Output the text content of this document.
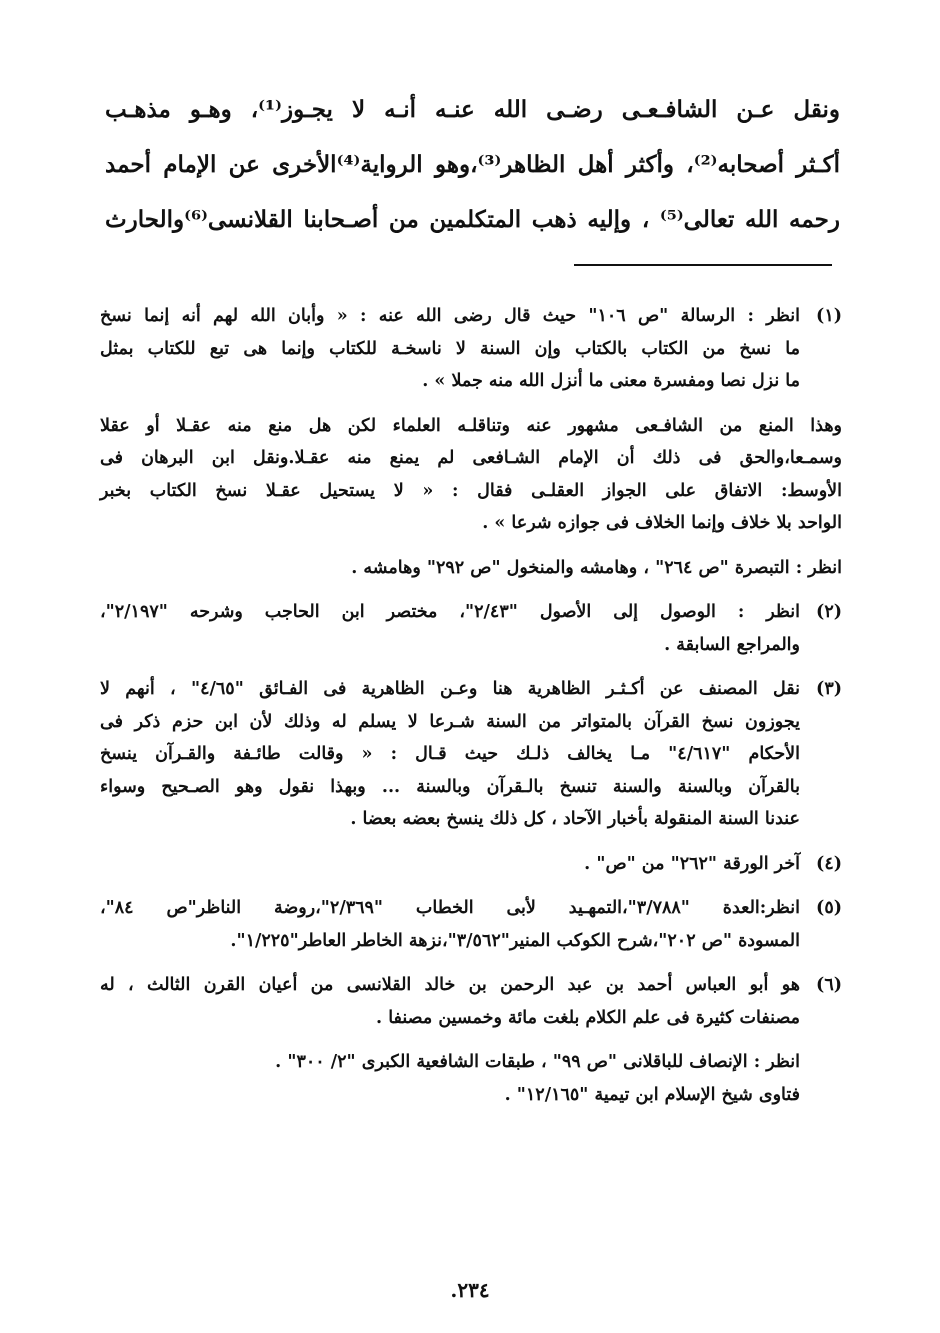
ونقل عـن الشافـعـى رضـى الله عنـه أنـه لا يجـوز⁽¹⁾، وهـو مذهـب
أكـثر أصحابه⁽²⁾، وأكثر أهل الظاهر⁽³⁾،وهو الرواية⁽⁴⁾الأخرى عن الإمام أحمد
رحمه الله تعالى⁽⁵⁾ ، وإليه ذهب المتكلمين من أصـحابنا القلانسى⁽⁶⁾والحارث
(١)
انظر : الرسالة "ص ١٠٦" حيث قال رضى الله عنه : « وأبان الله لهم أنه إنما نسخ
ما نسخ من الكتاب بالكتاب وإن السنة لا ناسخـة للكتاب وإنما هى تبع للكتاب بمثل
ما نزل نصا ومفسرة معنى ما أنزل الله منه جملا » .
وهذا المنع من الشافـعى مشهور عنه وتناقلـه العلماء لكن هل منع منه عقـلا أو عقلا
وسمـعا،والحق فى ذلك أن الإمام الشـافعى لم يمنع منه عقـلا.ونقل ابن البرهان فى
الأوسط: الاتفاق على الجواز العقلـى فقال : « لا يستحيل عقـلا نسخ الكتاب بخبر
الواحد بلا خلاف وإنما الخلاف فى جوازه شرعا » .
انظر : التبصرة "ص ٢٦٤" ، وهامشه والمنخول "ص ٢٩٢" وهامشه .
(٢)
انظر : الوصول إلى الأصول "٢/٤٣"، مختصر ابن الحاجب وشرحه "٢/١٩٧"،
والمراجع السابقة .
(٣)
نقل المصنف عن أكـثـر الظاهرية هنا وعـن الظاهرية فى الفـائق "٤/٦٥" ، أنهم لا
يجوزون نسخ القرآن بالمتواتر من السنة شـرعا لا يسلم له وذلك لأن ابن حزم ذكر فى
الأحكام "٤/٦١٧" مـا يخالف ذلـك حيث قـال : « وقالت طائـفة والقـرآن ينسخ
بالقرآن وبالسنة والسنة تنسخ بالـقرآن وبالسنة ... وبهذا نقول وهو الصـحيح وسواء
عندنا السنة المنقولة بأخبار الآحاد ، كل ذلك ينسخ بعضه بعضا .
(٤)
آخر الورقة "٢٦٢" من "ص" .
(٥)
انظر:العدة "٣/٧٨٨"،التمهـيد لأبى الخطاب "٢/٣٦٩"،روضة الناظر"ص ٨٤"،
المسودة "ص ٢٠٢"،شرح الكوكب المنير"٣/٥٦٢"،نزهة الخاطر العاطر"١/٢٢٥".
(٦)
هو أبو العباس أحمد بن عبد الرحمن بن خالد القلانسى من أعيان القرن الثالث ، له
مصنفات كثيرة فى علم الكلام بلغت مائة وخمسين مصنفا .
انظر : الإنصاف للباقلانى "ص ٩٩" ، طبقات الشافعية الكبرى "٢/ ٣٠٠" .
فتاوى شيخ الإسلام ابن تيمية "١٢/١٦٥" .
٢٣٤.
